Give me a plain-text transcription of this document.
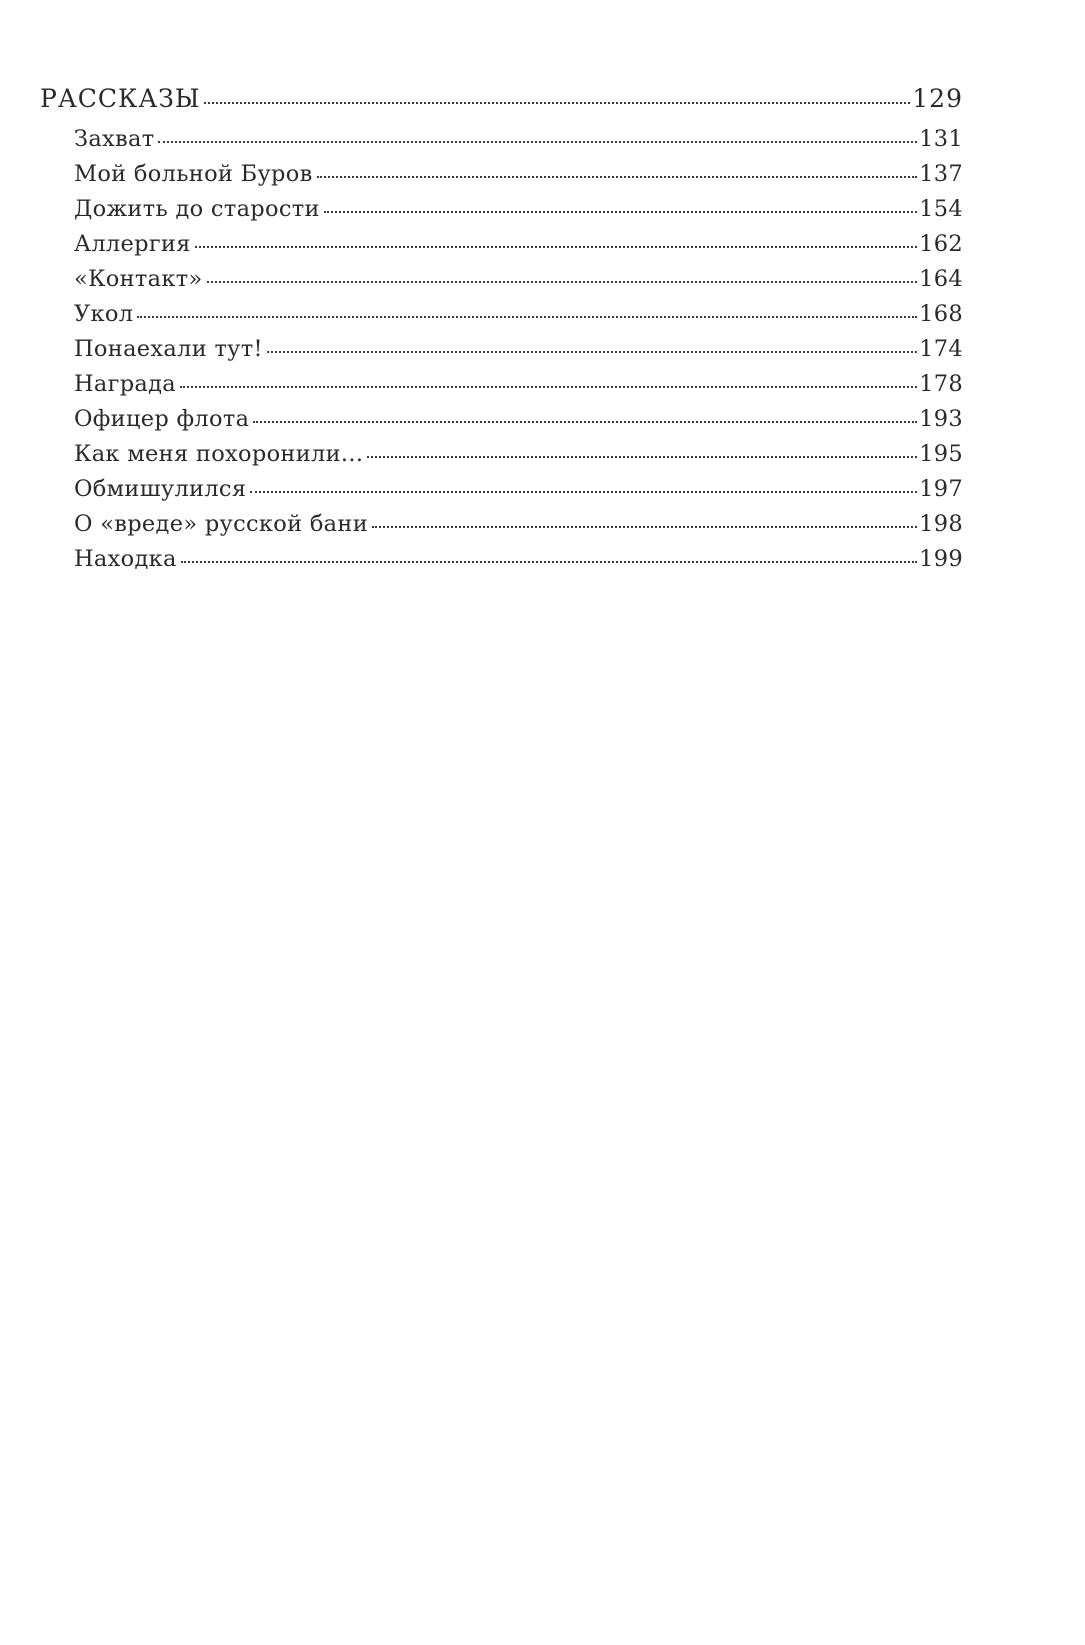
РАССКАЗЫ	129
Захват	131
Мой больной Буров	137
Дожить до старости	154
Аллергия	162
«Контакт»	164
Укол	168
Понаехали тут!	174
Награда	178
Офицер флота	193
Как меня похоронили...	195
Обмишулился	197
О «вреде» русской бани	198
Находка	199
